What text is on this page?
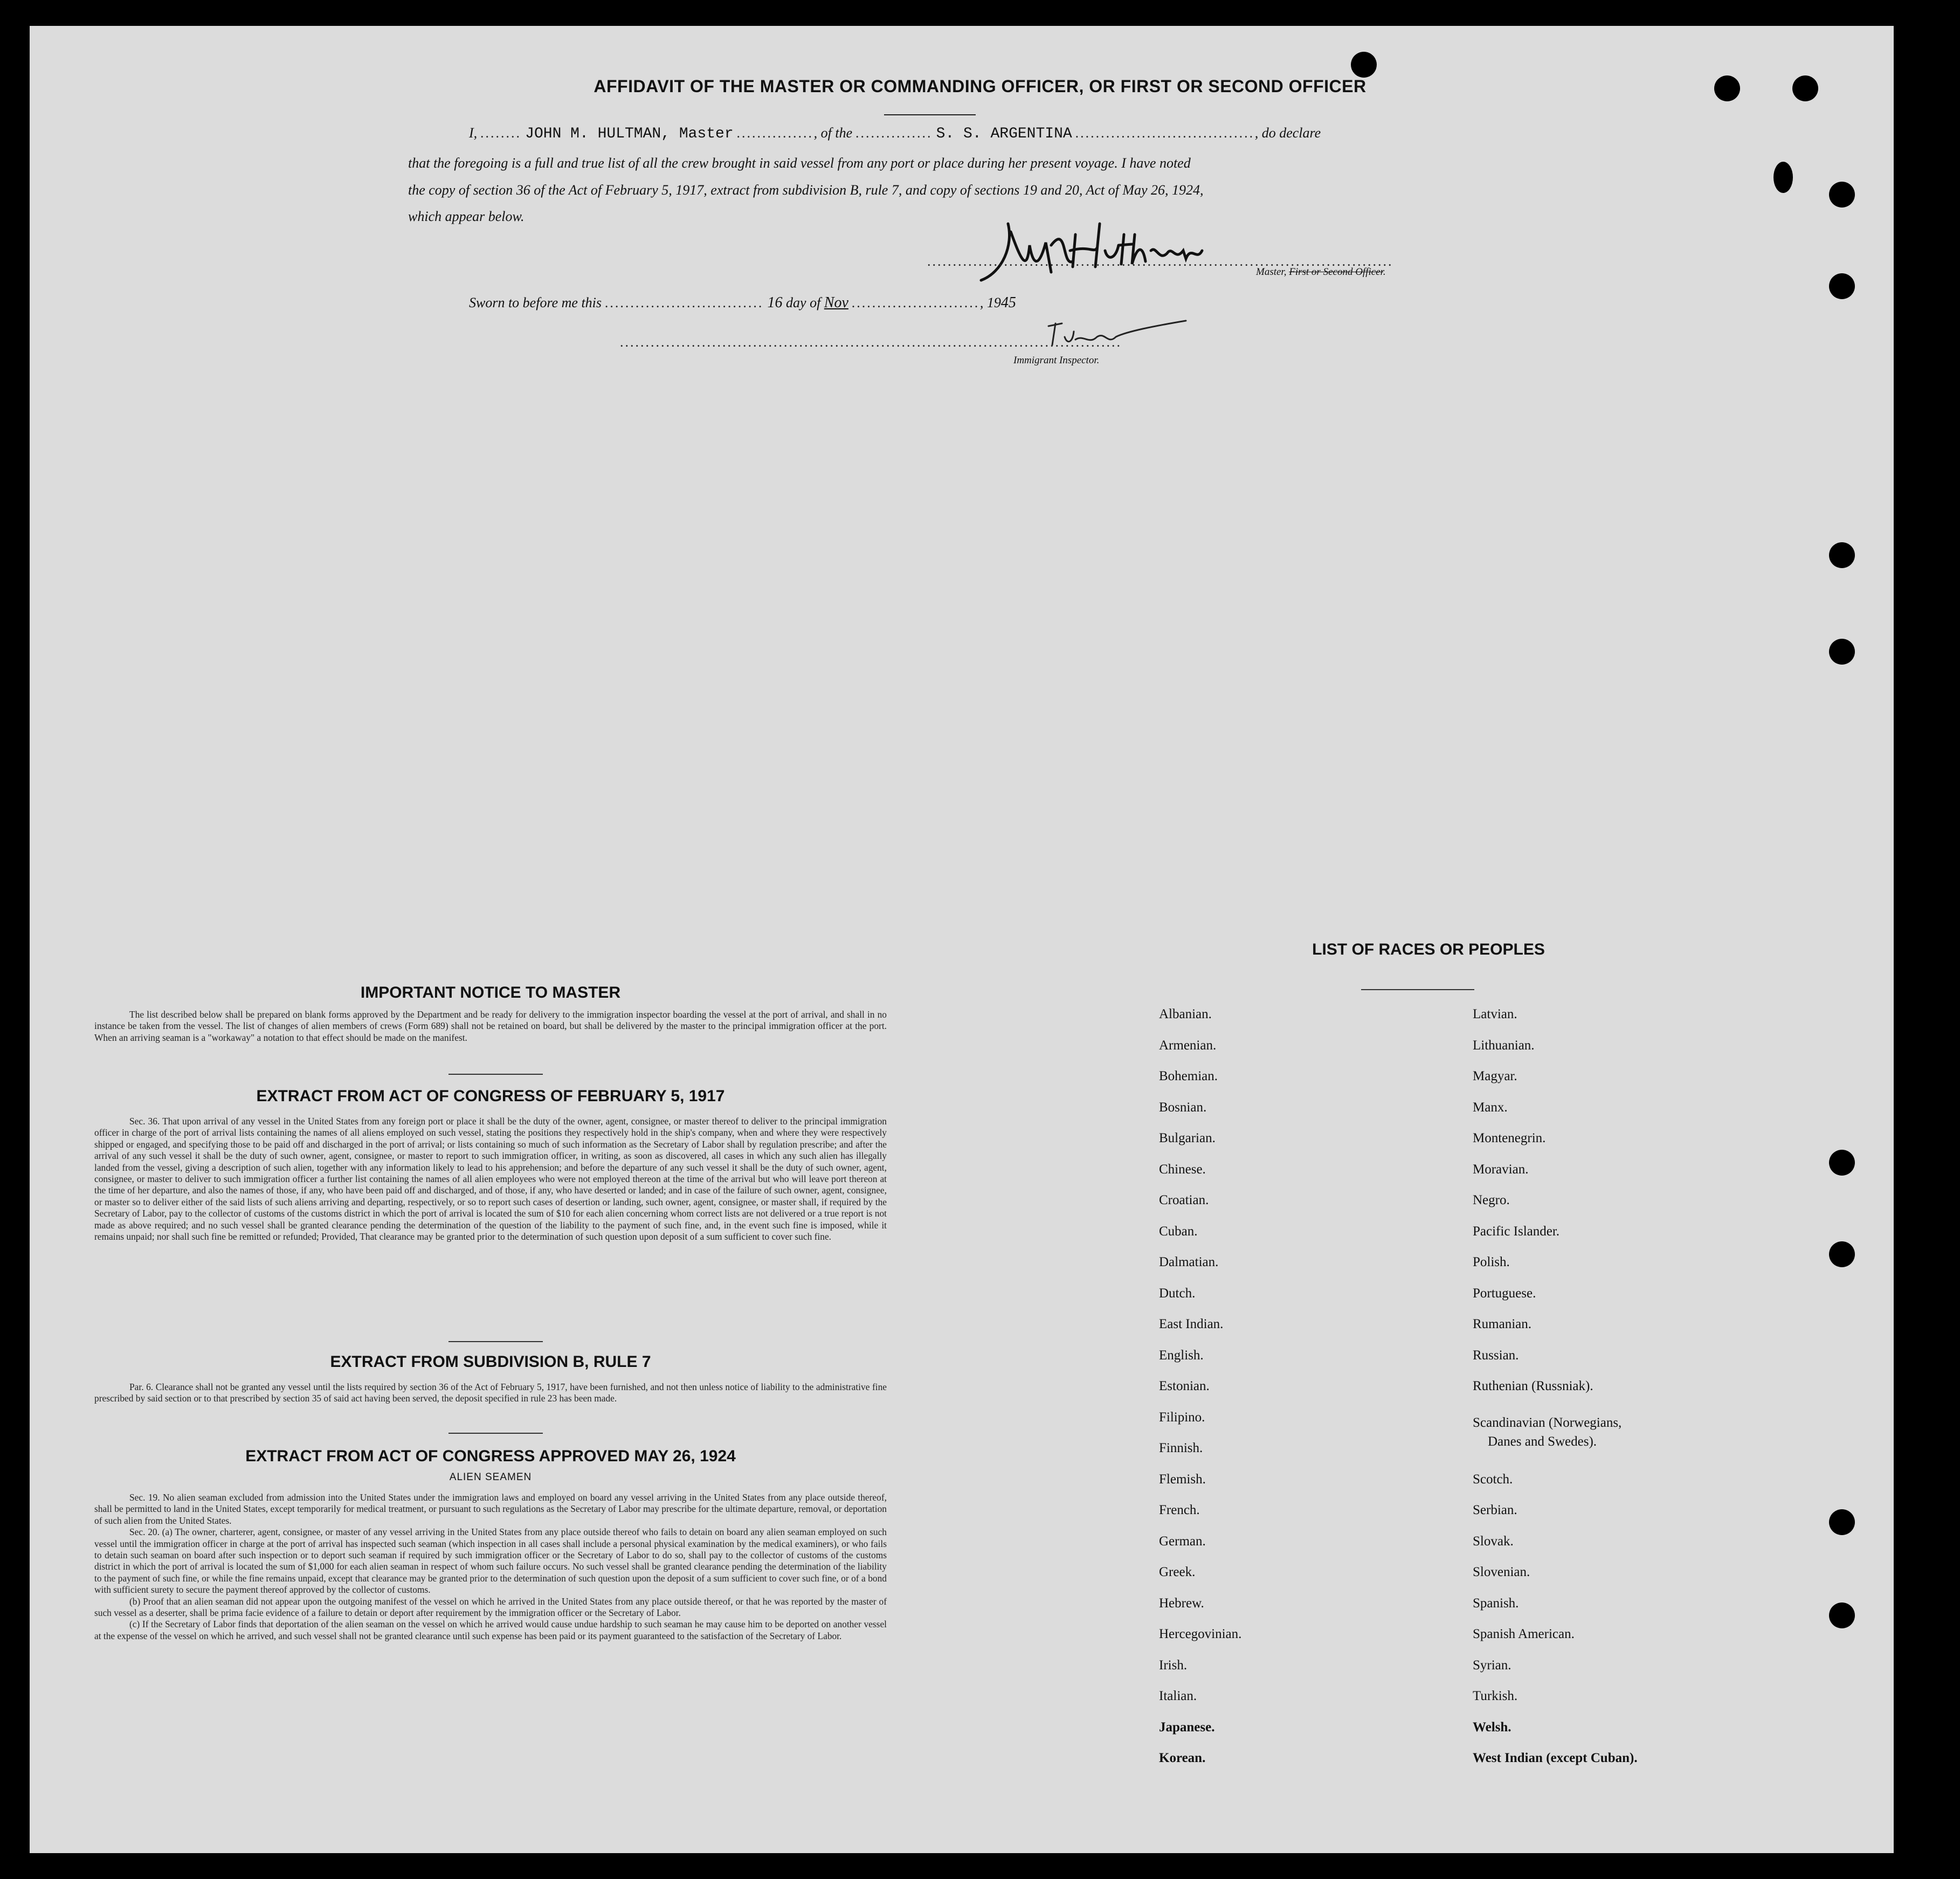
AFFIDAVIT OF THE MASTER OR COMMANDING OFFICER, OR FIRST OR SECOND OFFICER
I, ........ JOHN M. HULTMAN, Master ..............., of the ............... S. S. ARGENTINA ..................................., do declare
that the foregoing is a full and true list of all the crew brought in said vessel from any port or place during her present voyage. I have noted
the copy of section 36 of the Act of February 5, 1917, extract from subdivision B, rule 7, and copy of sections 19 and 20, Act of May 26, 1924,
which appear below.
...........................................................................................
Master, First or Second Officer.
Sworn to before me this ............................... 16 day of Nov ........................., 1945
..................................................................................................
Immigrant Inspector.
IMPORTANT NOTICE TO MASTER

The list described below shall be prepared on blank forms approved by the Department and be ready for delivery to the immigration inspector boarding the vessel at the port of arrival, and shall in no instance be taken from the vessel. The list of changes of alien members of crews (Form 689) shall not be retained on board, but shall be delivered by the master to the principal immigration officer at the port. When an arriving seaman is a "workaway" a notation to that effect should be made on the manifest.

EXTRACT FROM ACT OF CONGRESS OF FEBRUARY 5, 1917

Sec. 36. That upon arrival of any vessel in the United States from any foreign port or place it shall be the duty of the owner, agent, consignee, or master thereof to deliver to the principal immigration officer in charge of the port of arrival lists containing the names of all aliens employed on such vessel, stating the positions they respectively hold in the ship's company, when and where they were respectively shipped or engaged, and specifying those to be paid off and discharged in the port of arrival; or lists containing so much of such information as the Secretary of Labor shall by regulation prescribe; and after the arrival of any such vessel it shall be the duty of such owner, agent, consignee, or master to report to such immigration officer, in writing, as soon as discovered, all cases in which any such alien has illegally landed from the vessel, giving a description of such alien, together with any information likely to lead to his apprehension; and before the departure of any such vessel it shall be the duty of such owner, agent, consignee, or master to deliver to such immigration officer a further list containing the names of all alien employees who were not employed thereon at the time of the arrival but who will leave port thereon at the time of her departure, and also the names of those, if any, who have been paid off and discharged, and of those, if any, who have deserted or landed; and in case of the failure of such owner, agent, consignee, or master so to deliver either of the said lists of such aliens arriving and departing, respectively, or so to report such cases of desertion or landing, such owner, agent, consignee, or master shall, if required by the Secretary of Labor, pay to the collector of customs of the customs district in which the port of arrival is located the sum of $10 for each alien concerning whom correct lists are not delivered or a true report is not made as above required; and no such vessel shall be granted clearance pending the determination of the question of the liability to the payment of such fine, and, in the event such fine is imposed, while it remains unpaid; nor shall such fine be remitted or refunded; Provided, That clearance may be granted prior to the determination of such question upon deposit of a sum sufficient to cover such fine.

EXTRACT FROM SUBDIVISION B, RULE 7

Par. 6. Clearance shall not be granted any vessel until the lists required by section 36 of the Act of February 5, 1917, have been furnished, and not then unless notice of liability to the administrative fine prescribed by said section or to that prescribed by section 35 of said act having been served, the deposit specified in rule 23 has been made.

EXTRACT FROM ACT OF CONGRESS APPROVED MAY 26, 1924
ALIEN SEAMEN

Sec. 19. No alien seaman excluded from admission into the United States under the immigration laws and employed on board any vessel arriving in the United States from any place outside thereof, shall be permitted to land in the United States, except temporarily for medical treatment, or pursuant to such regulations as the Secretary of Labor may prescribe for the ultimate departure, removal, or deportation of such alien from the United States.

Sec. 20. (a) The owner, charterer, agent, consignee, or master of any vessel arriving in the United States from any place outside thereof who fails to detain on board any alien seaman employed on such vessel until the immigration officer in charge at the port of arrival has inspected such seaman (which inspection in all cases shall include a personal physical examination by the medical examiners), or who fails to detain such seaman on board after such inspection or to deport such seaman if required by such immigration officer or the Secretary of Labor to do so, shall pay to the collector of customs of the customs district in which the port of arrival is located the sum of $1,000 for each alien seaman in respect of whom such failure occurs. No such vessel shall be granted clearance pending the determination of the liability to the payment of such fine, or while the fine remains unpaid, except that clearance may be granted prior to the determination of such question upon the deposit of a sum sufficient to cover such fine, or of a bond with sufficient surety to secure the payment thereof approved by the collector of customs.

(b) Proof that an alien seaman did not appear upon the outgoing manifest of the vessel on which he arrived in the United States from any place outside thereof, or that he was reported by the master of such vessel as a deserter, shall be prima facie evidence of a failure to detain or deport after requirement by the immigration officer or the Secretary of Labor.

(c) If the Secretary of Labor finds that deportation of the alien seaman on the vessel on which he arrived would cause undue hardship to such seaman he may cause him to be deported on another vessel at the expense of the vessel on which he arrived, and such vessel shall not be granted clearance until such expense has been paid or its payment guaranteed to the satisfaction of the Secretary of Labor.

LIST OF RACES OR PEOPLES
Albanian.
Armenian.
Bohemian.
Bosnian.
Bulgarian.
Chinese.
Croatian.
Cuban.
Dalmatian.
Dutch.
East Indian.
English.
Estonian.
Filipino.
Finnish.
Flemish.
French.
German.
Greek.
Hebrew.
Hercegovinian.
Irish.
Italian.
Japanese.
Korean.
Latvian.
Lithuanian.
Magyar.
Manx.
Montenegrin.
Moravian.
Negro.
Pacific Islander.
Polish.
Portuguese.
Rumanian.
Russian.
Ruthenian (Russniak).
Scandinavian (Norwegians,
Danes and Swedes).
Scotch.
Serbian.
Slovak.
Slovenian.
Spanish.
Spanish American.
Syrian.
Turkish.
Welsh.
West Indian (except Cuban).
